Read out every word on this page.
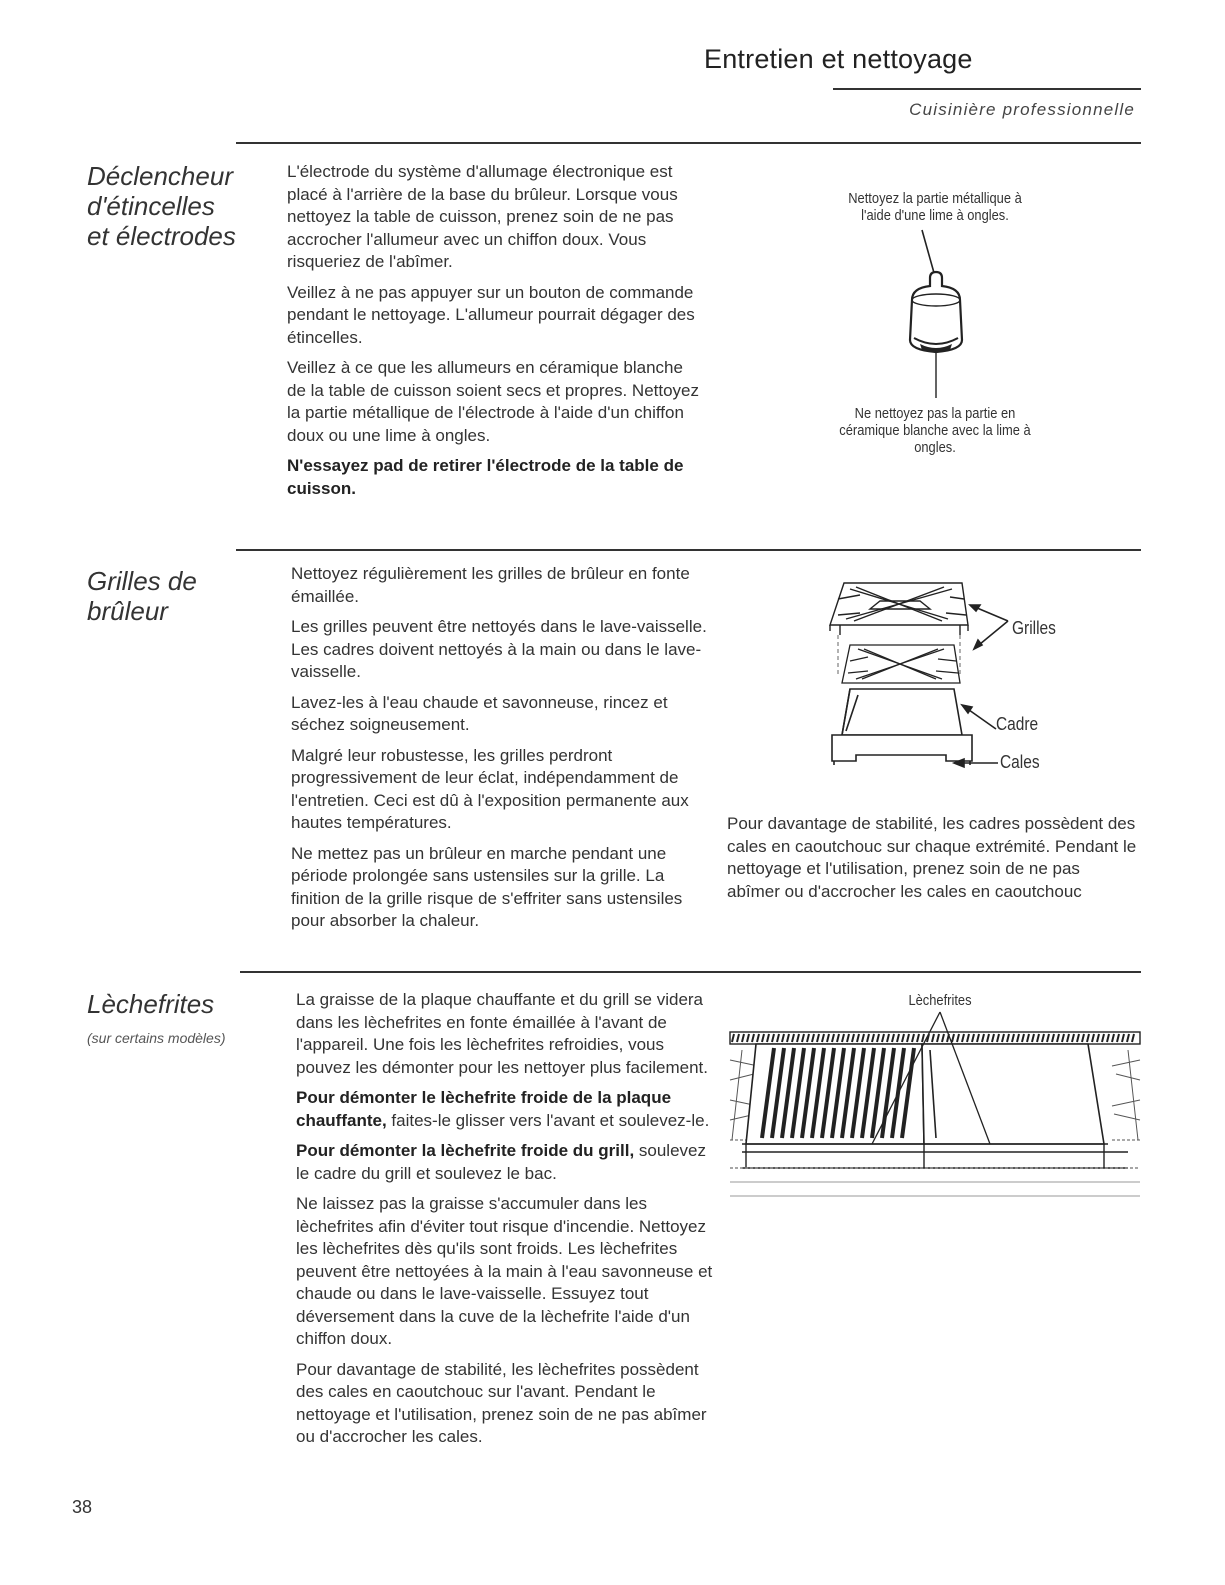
Entretien et nettoyage
Cuisinière professionnelle
Déclencheur
d'étincelles
et électrodes

L'électrode du système d'allumage électronique est placé à l'arrière de la base du brûleur. Lorsque vous nettoyez la table de cuisson, prenez soin de ne pas accrocher l'allumeur avec un chiffon doux. Vous risqueriez de l'abîmer.

Veillez à ne pas appuyer sur un bouton de commande pendant le nettoyage. L'allumeur pourrait dégager des étincelles.

Veillez à ce que les allumeurs en céramique blanche de la table de cuisson soient secs et propres. Nettoyez la partie métallique de l'électrode à l'aide d'un chiffon doux ou une lime à ongles.

N'essayez pad de retirer l'électrode de la table de cuisson.

Nettoyez la partie métallique à l'aide d'une lime à ongles.
Ne nettoyez pas la partie en céramique blanche avec la lime à ongles.
Grilles de
brûleur

Nettoyez régulièrement les grilles de brûleur en fonte émaillée.

Les grilles peuvent être nettoyés dans le lave-vaisselle. Les cadres doivent nettoyés à la main ou dans le lave-vaisselle.

Lavez-les à l'eau chaude et savonneuse, rincez et séchez soigneusement.

Malgré leur robustesse, les grilles perdront progressivement de leur éclat, indépendamment de l'entretien. Ceci est dû à l'exposition permanente aux hautes températures.

Ne mettez pas un brûleur en marche pendant une période prolongée sans ustensiles sur la grille. La finition de la grille risque de s'effriter sans ustensiles pour absorber la chaleur.

Grilles
Cadre
Cales

Pour davantage de stabilité, les cadres possèdent des cales en caoutchouc sur chaque extrémité. Pendant le nettoyage et l'utilisation, prenez soin de ne pas abîmer ou d'accrocher les cales en caoutchouc

Lèchefrites
(sur certains modèles)

La graisse de la plaque chauffante et du grill se videra dans les lèchefrites en fonte émaillée à l'avant de l'appareil. Une fois les lèchefrites refroidies, vous pouvez les démonter pour les nettoyer plus facilement.

Pour démonter le lèchefrite froide de la plaque chauffante, faites-le glisser vers l'avant et soulevez-le.

Pour démonter la lèchefrite froide du grill, soulevez le cadre du grill et soulevez le bac.

Ne laissez pas la graisse s'accumuler dans les lèchefrites afin d'éviter tout risque d'incendie. Nettoyez les lèchefrites dès qu'ils sont froids. Les lèchefrites peuvent être nettoyées à la main à l'eau savonneuse et chaude ou dans le lave-vaisselle. Essuyez tout déversement dans la cuve de la lèchefrite l'aide d'un chiffon doux.

Pour davantage de stabilité, les lèchefrites possèdent des cales en caoutchouc sur l'avant. Pendant le nettoyage et l'utilisation, prenez soin de ne pas abîmer ou d'accrocher les cales.

Lèchefrites
38
